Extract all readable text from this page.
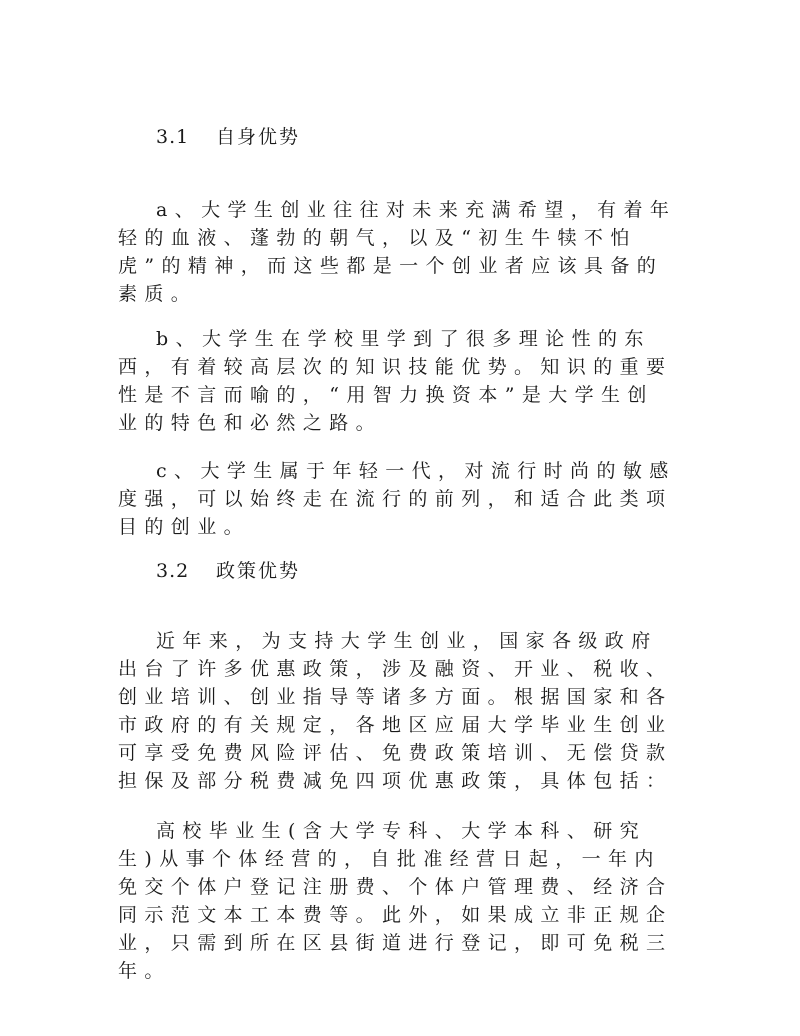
3.1 自身优势
a、大学生创业往往对未来充满希望，有着年轻的血液、蓬勃的朝气，以及“初生牛犊不怕虎”的精神，而这些都是一个创业者应该具备的素质。
b、大学生在学校里学到了很多理论性的东西，有着较高层次的知识技能优势。知识的重要性是不言而喻的，“用智力换资本”是大学生创业的特色和必然之路。
c、大学生属于年轻一代，对流行时尚的敏感度强，可以始终走在流行的前列，和适合此类项目的创业。
3.2 政策优势
近年来，为支持大学生创业，国家各级政府出台了许多优惠政策，涉及融资、开业、税收、创业培训、创业指导等诸多方面。根据国家和各市政府的有关规定，各地区应届大学毕业生创业可享受免费风险评估、免费政策培训、无偿贷款担保及部分税费减免四项优惠政策，具体包括：
高校毕业生(含大学专科、大学本科、研究生)从事个体经营的，自批准经营日起，一年内免交个体户登记注册费、个体户管理费、经济合同示范文本工本费等。此外，如果成立非正规企业，只需到所在区县街道进行登记，即可免税三年。
